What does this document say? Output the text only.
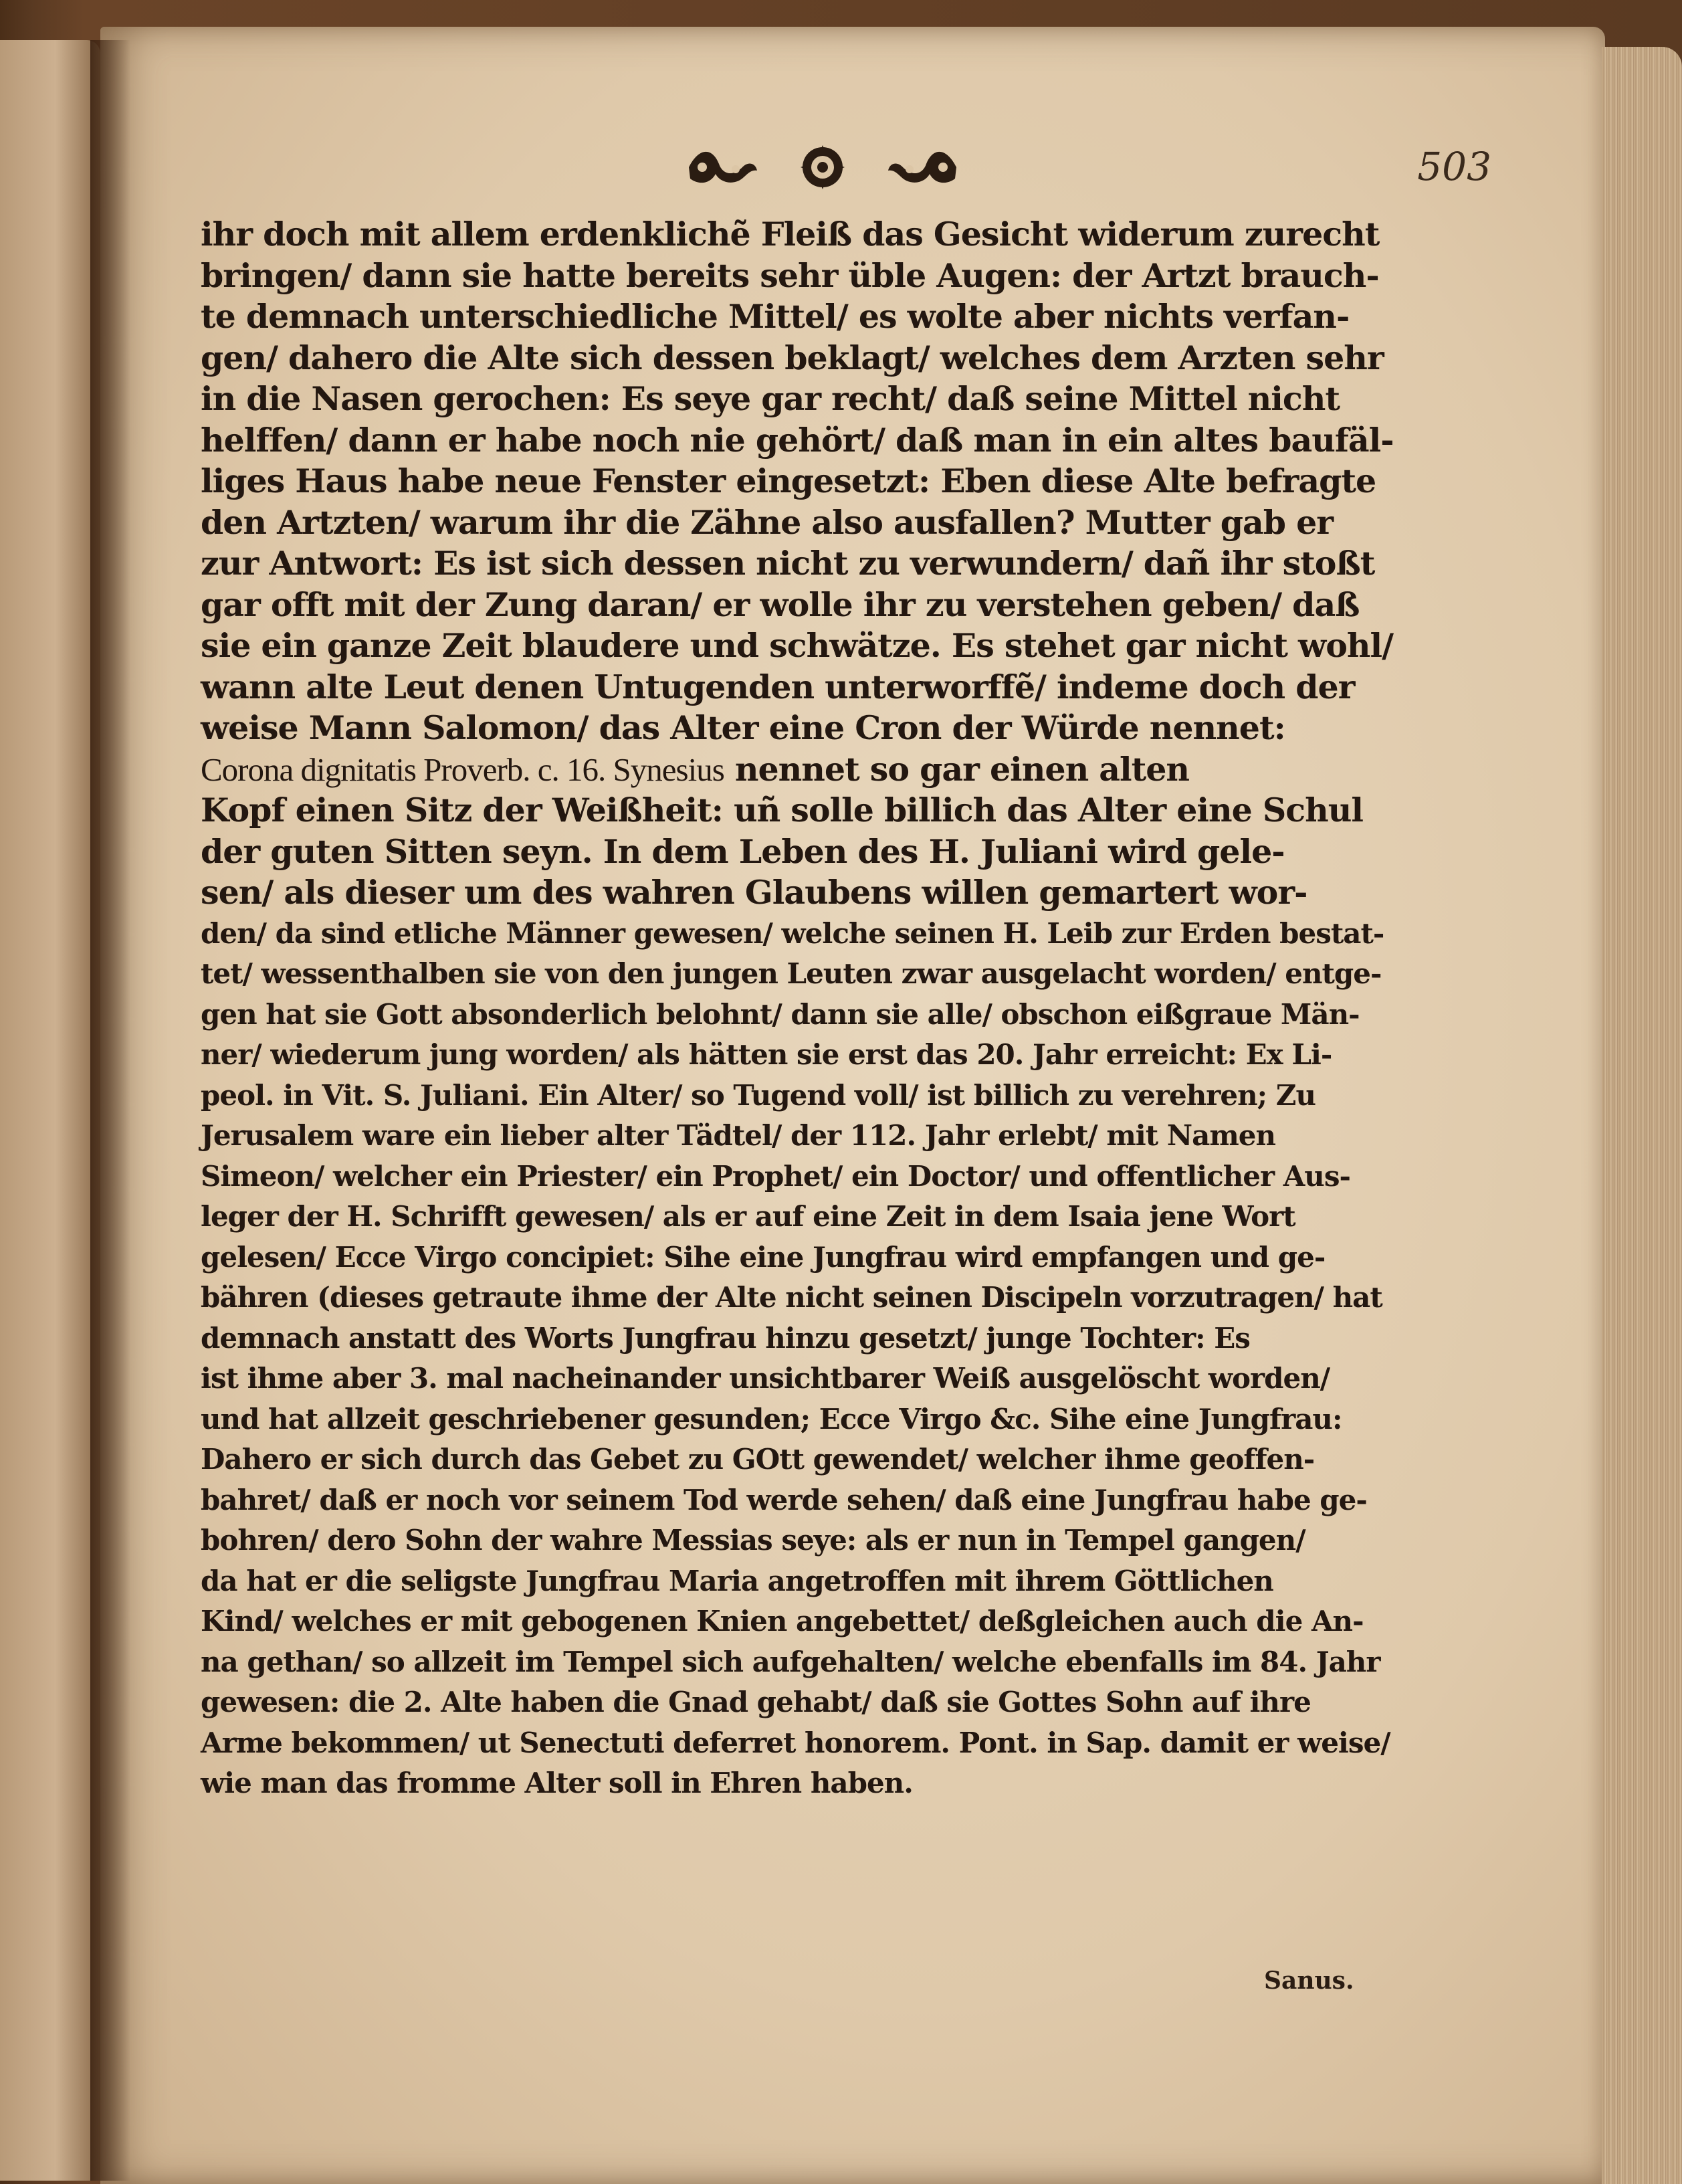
503
ihr doch mit allem erdenklichẽ Fleiß das Gesicht widerum zurecht
bringen/ dann sie hatte bereits sehr üble Augen: der Artzt brauch-
te demnach unterschiedliche Mittel/ es wolte aber nichts verfan-
gen/ dahero die Alte sich dessen beklagt/ welches dem Arzten sehr
in die Nasen gerochen: Es seye gar recht/ daß seine Mittel nicht
helffen/ dann er habe noch nie gehört/ daß man in ein altes baufäl-
liges Haus habe neue Fenster eingesetzt: Eben diese Alte befragte
den Artzten/ warum ihr die Zähne also ausfallen? Mutter gab er
zur Antwort: Es ist sich dessen nicht zu verwundern/ dañ ihr stoßt
gar offt mit der Zung daran/ er wolle ihr zu verstehen geben/ daß
sie ein ganze Zeit blaudere und schwätze. Es stehet gar nicht wohl/
wann alte Leut denen Untugenden unterworffẽ/ indeme doch der
weise Mann Salomon/ das Alter eine Cron der Würde nennet:
Corona dignitatis Proverb. c. 16. Synesius nennet so gar einen alten
Kopf einen Sitz der Weißheit: uñ solle billich das Alter eine Schul
der guten Sitten seyn. In dem Leben des H. Juliani wird gele-
sen/ als dieser um des wahren Glaubens willen gemartert wor-
den/ da sind etliche Männer gewesen/ welche seinen H. Leib zur Erden bestat-
tet/ wessenthalben sie von den jungen Leuten zwar ausgelacht worden/ entge-
gen hat sie Gott absonderlich belohnt/ dann sie alle/ obschon eißgraue Män-
ner/ wiederum jung worden/ als hätten sie erst das 20. Jahr erreicht: Ex Li-
peol. in Vit. S. Juliani. Ein Alter/ so Tugend voll/ ist billich zu verehren; Zu
Jerusalem ware ein lieber alter Tädtel/ der 112. Jahr erlebt/ mit Namen
Simeon/ welcher ein Priester/ ein Prophet/ ein Doctor/ und offentlicher Aus-
leger der H. Schrifft gewesen/ als er auf eine Zeit in dem Isaia jene Wort
gelesen/ Ecce Virgo concipiet: Sihe eine Jungfrau wird empfangen und ge-
bähren (dieses getraute ihme der Alte nicht seinen Discipeln vorzutragen/ hat
demnach anstatt des Worts Jungfrau hinzu gesetzt/ junge Tochter: Es
ist ihme aber 3. mal nacheinander unsichtbarer Weiß ausgelöscht worden/
und hat allzeit geschriebener gesunden; Ecce Virgo &c. Sihe eine Jungfrau:
Dahero er sich durch das Gebet zu GOtt gewendet/ welcher ihme geoffen-
bahret/ daß er noch vor seinem Tod werde sehen/ daß eine Jungfrau habe ge-
bohren/ dero Sohn der wahre Messias seye: als er nun in Tempel gangen/
da hat er die seligste Jungfrau Maria angetroffen mit ihrem Göttlichen
Kind/ welches er mit gebogenen Knien angebettet/ deßgleichen auch die An-
na gethan/ so allzeit im Tempel sich aufgehalten/ welche ebenfalls im 84. Jahr
gewesen: die 2. Alte haben die Gnad gehabt/ daß sie Gottes Sohn auf ihre
Arme bekommen/ ut Senectuti deferret honorem. Pont. in Sap. damit er weise/
wie man das fromme Alter soll in Ehren haben.
Sanus.
